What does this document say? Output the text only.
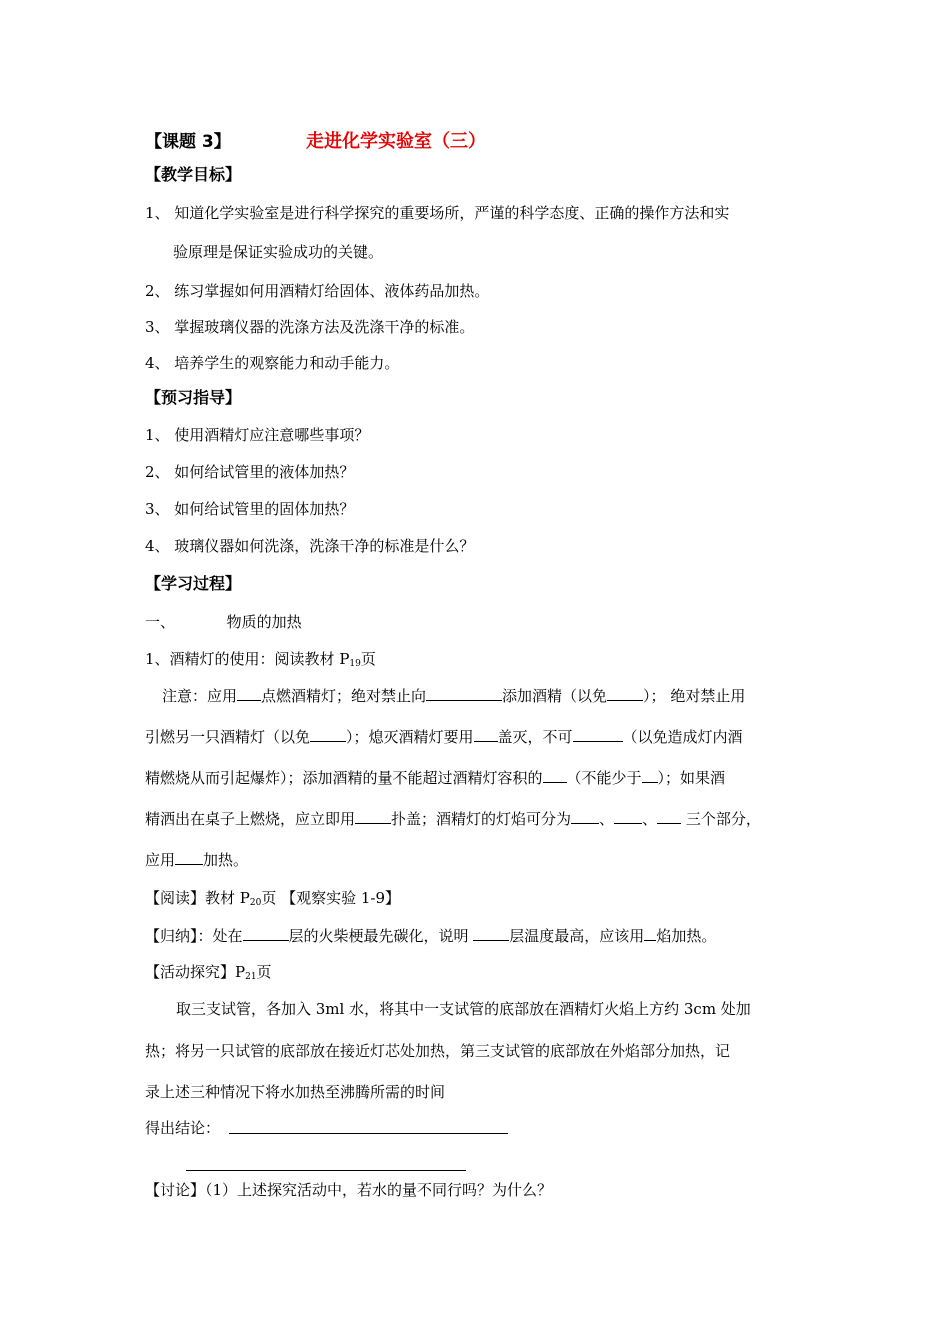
【课题 3】	走进化学实验室（三）
【教学目标】
1、 知道化学实验室是进行科学探究的重要场所，严谨的科学态度、正确的操作方法和实
验原理是保证实验成功的关键。
2、 练习掌握如何用酒精灯给固体、液体药品加热。
3、 掌握玻璃仪器的洗涤方法及洗涤干净的标准。
4、 培养学生的观察能力和动手能力。
【预习指导】
1、 使用酒精灯应注意哪些事项？
2、 如何给试管里的液体加热？
3、 如何给试管里的固体加热？
4、 玻璃仪器如何洗涤，洗涤干净的标准是什么？
【学习过程】
一、	物质的加热
1、酒精灯的使用：阅读教材 $P_{19}$页
注意：应用 点燃酒精灯；绝对禁止向	添加酒精（以免 ）； 绝对禁止用
引燃另一只酒精灯（以免 ）；熄灭酒精灯要用 盖灭，不可	（以免造成灯内酒
精燃烧从而引起爆炸）；添加酒精的量不能超过酒精灯容积的 （不能少于 ）；如果酒
精洒出在桌子上燃烧，应立即用 扑盖；酒精灯的灯焰可分为 、 、 三个部分，
应用 加热。
【阅读】教材 $P_{20}$页 【观察实验 1-9】
【归纳】：处在	层的火柴梗最先碳化，说明 层温度最高，应该用 焰加热。
【活动探究】$P_{21}$页
取三支试管，各加入 3ml 水，将其中一支试管的底部放在酒精灯火焰上方约 3cm 处加
热；将另一只试管的底部放在接近灯芯处加热，第三支试管的底部放在外焰部分加热，记
录上述三种情况下将水加热至沸腾所需的时间
得出结论：
【讨论】（1）上述探究活动中，若水的量不同行吗？为什么？
